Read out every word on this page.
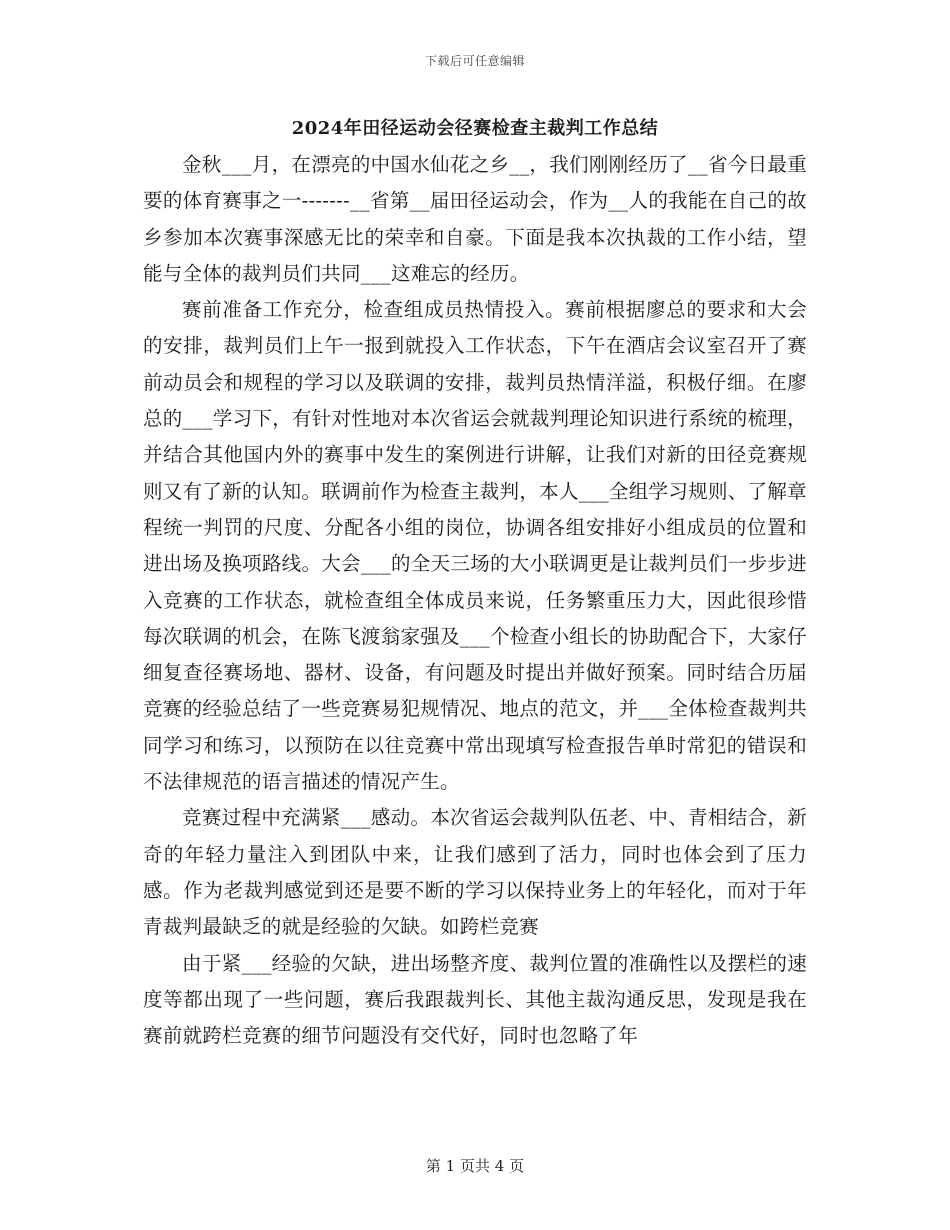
下载后可任意编辑
2024年田径运动会径赛检查主裁判工作总结

金秋___月，在漂亮的中国水仙花之乡__，我们刚刚经历了__省今日最重要的体育赛事之一-------__省第__届田径运动会，作为__人的我能在自己的故乡参加本次赛事深感无比的荣幸和自豪。下面是我本次执裁的工作小结，望能与全体的裁判员们共同___这难忘的经历。

赛前准备工作充分，检查组成员热情投入。赛前根据廖总的要求和大会的安排，裁判员们上午一报到就投入工作状态，下午在酒店会议室召开了赛前动员会和规程的学习以及联调的安排，裁判员热情洋溢，积极仔细。在廖总的___学习下，有针对性地对本次省运会就裁判理论知识进行系统的梳理，并结合其他国内外的赛事中发生的案例进行讲解，让我们对新的田径竞赛规则又有了新的认知。联调前作为检查主裁判，本人___全组学习规则、了解章程统一判罚的尺度、分配各小组的岗位，协调各组安排好小组成员的位置和进出场及换项路线。大会___的全天三场的大小联调更是让裁判员们一步步进入竞赛的工作状态，就检查组全体成员来说，任务繁重压力大，因此很珍惜每次联调的机会，在陈飞渡翁家强及___个检查小组长的协助配合下，大家仔细复查径赛场地、器材、设备，有问题及时提出并做好预案。同时结合历届竞赛的经验总结了一些竞赛易犯规情况、地点的范文，并___全体检查裁判共同学习和练习，以预防在以往竞赛中常出现填写检查报告单时常犯的错误和不法律规范的语言描述的情况产生。

竞赛过程中充满紧___感动。本次省运会裁判队伍老、中、青相结合，新奇的年轻力量注入到团队中来，让我们感到了活力，同时也体会到了压力感。作为老裁判感觉到还是要不断的学习以保持业务上的年轻化，而对于年青裁判最缺乏的就是经验的欠缺。如跨栏竞赛

由于紧___经验的欠缺，进出场整齐度、裁判位置的准确性以及摆栏的速度等都出现了一些问题，赛后我跟裁判长、其他主裁沟通反思，发现是我在赛前就跨栏竞赛的细节问题没有交代好，同时也忽略了年

第 1 页共 4 页
